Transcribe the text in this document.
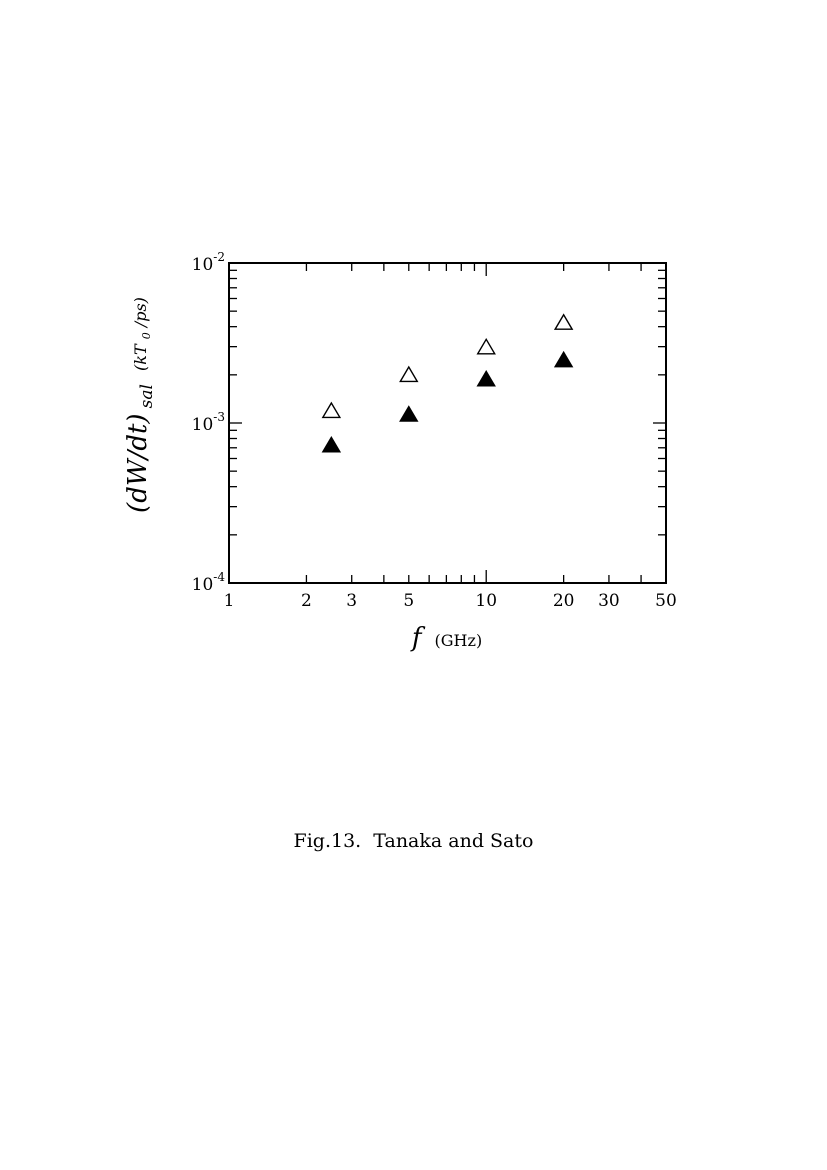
1	2 3	5	10	20 30 50
$10^{-4}$
$10^{-3}$
$10^{-2}$
f (GHz)
(dW/dt) sal (kT $_0$ /ps)
Fig.13.  Tanaka and Sato
